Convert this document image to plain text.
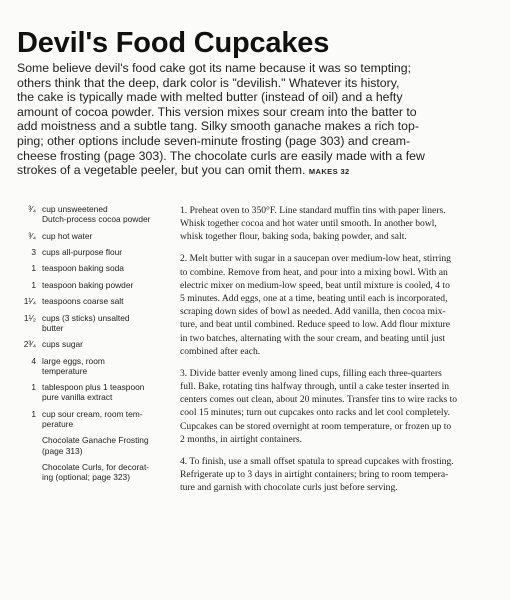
Devil's Food Cupcakes
Some believe devil's food cake got its name because it was so tempting;
others think that the deep, dark color is "devilish." Whatever its history,
the cake is typically made with melted butter (instead of oil) and a hefty
amount of cocoa powder. This version mixes sour cream into the batter to
add moistness and a subtle tang. Silky smooth ganache makes a rich top-
ping; other options include seven-minute frosting (page 303) and cream-
cheese frosting (page 303). The chocolate curls are easily made with a few
strokes of a vegetable peeler, but you can omit them. MAKES 32
³⁄₄ cup unsweetened
Dutch-process cocoa powder
³⁄₄ cup hot water
3 cups all-purpose flour
1 teaspoon baking soda
1 teaspoon baking powder
1¹⁄₄ teaspoons coarse salt
1¹⁄₂ cups (3 sticks) unsalted
butter
2³⁄₄ cups sugar
4 large eggs, room
temperature
1 tablespoon plus 1 teaspoon
pure vanilla extract
1 cup sour cream, room tem-
perature
Chocolate Ganache Frosting
(page 313)
Chocolate Curls, for decorat-
ing (optional; page 323)
1. Preheat oven to 350°F. Line standard muffin tins with paper liners.
Whisk together cocoa and hot water until smooth. In another bowl,
whisk together flour, baking soda, baking powder, and salt.
2. Melt butter with sugar in a saucepan over medium-low heat, stirring
to combine. Remove from heat, and pour into a mixing bowl. With an
electric mixer on medium-low speed, beat until mixture is cooled, 4 to
5 minutes. Add eggs, one at a time, beating until each is incorporated,
scraping down sides of bowl as needed. Add vanilla, then cocoa mix-
ture, and beat until combined. Reduce speed to low. Add flour mixture
in two batches, alternating with the sour cream, and beating until just
combined after each.
3. Divide batter evenly among lined cups, filling each three-quarters
full. Bake, rotating tins halfway through, until a cake tester inserted in
centers comes out clean, about 20 minutes. Transfer tins to wire racks to
cool 15 minutes; turn out cupcakes onto racks and let cool completely.
Cupcakes can be stored overnight at room temperature, or frozen up to
2 months, in airtight containers.
4. To finish, use a small offset spatula to spread cupcakes with frosting.
Refrigerate up to 3 days in airtight containers; bring to room tempera-
ture and garnish with chocolate curls just before serving.
